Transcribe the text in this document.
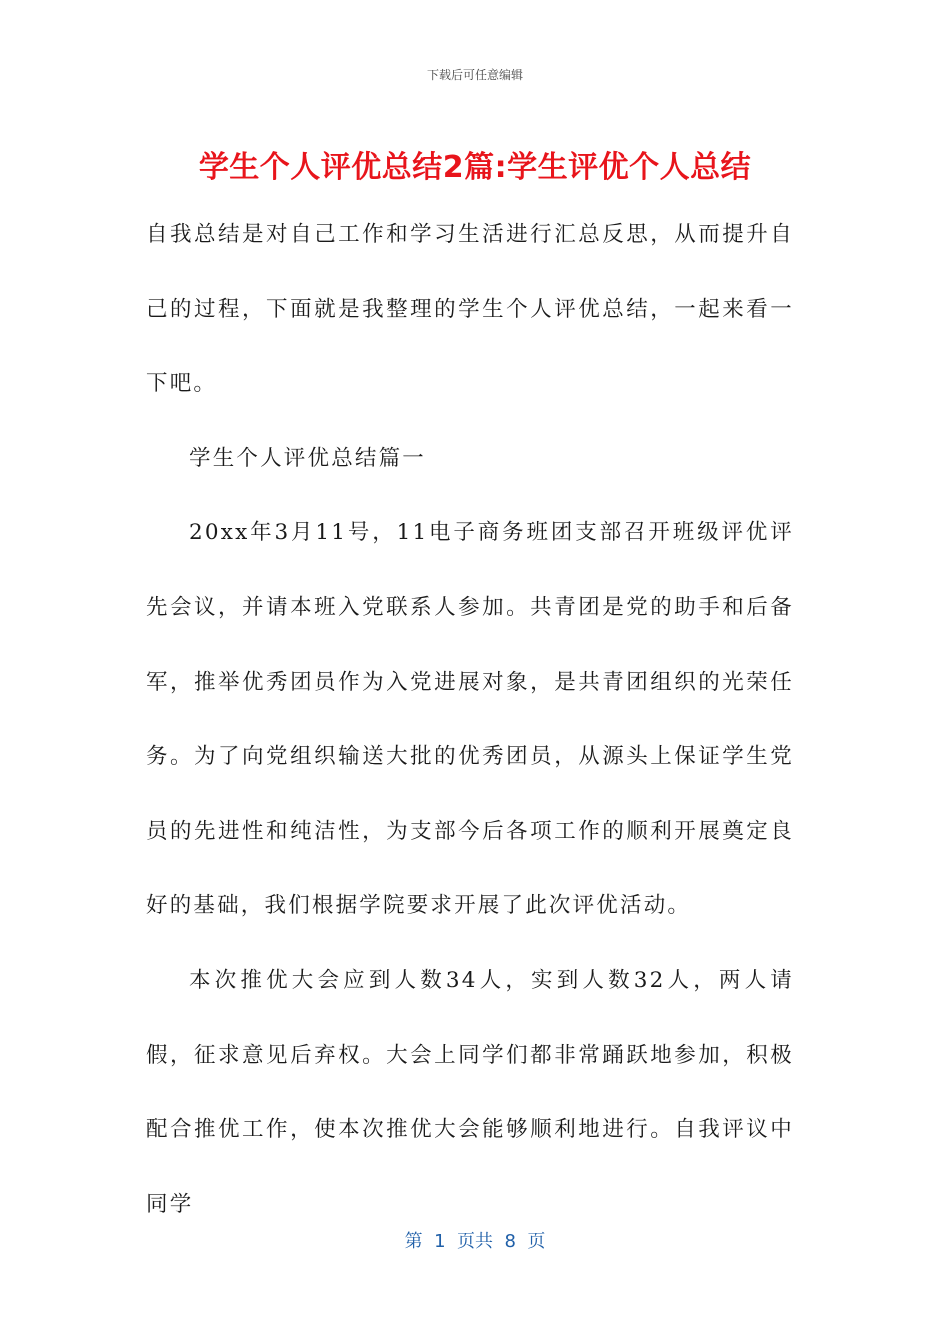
下载后可任意编辑
学生个人评优总结2篇:学生评优个人总结

自我总结是对自己工作和学习生活进行汇总反思，从而提升自己的过程，下面就是我整理的学生个人评优总结，一起来看一下吧。

学生个人评优总结篇一

20xx年3月11号，11电子商务班团支部召开班级评优评先会议，并请本班入党联系人参加。共青团是党的助手和后备军，推举优秀团员作为入党进展对象，是共青团组织的光荣任务。为了向党组织输送大批的优秀团员，从源头上保证学生党员的先进性和纯洁性，为支部今后各项工作的顺利开展奠定良好的基础，我们根据学院要求开展了此次评优活动。

本次推优大会应到人数34人，实到人数32人，两人请假，征求意见后弃权。大会上同学们都非常踊跃地参加，积极配合推优工作，使本次推优大会能够顺利地进行。自我评议中同学

第  1  页共  8  页
